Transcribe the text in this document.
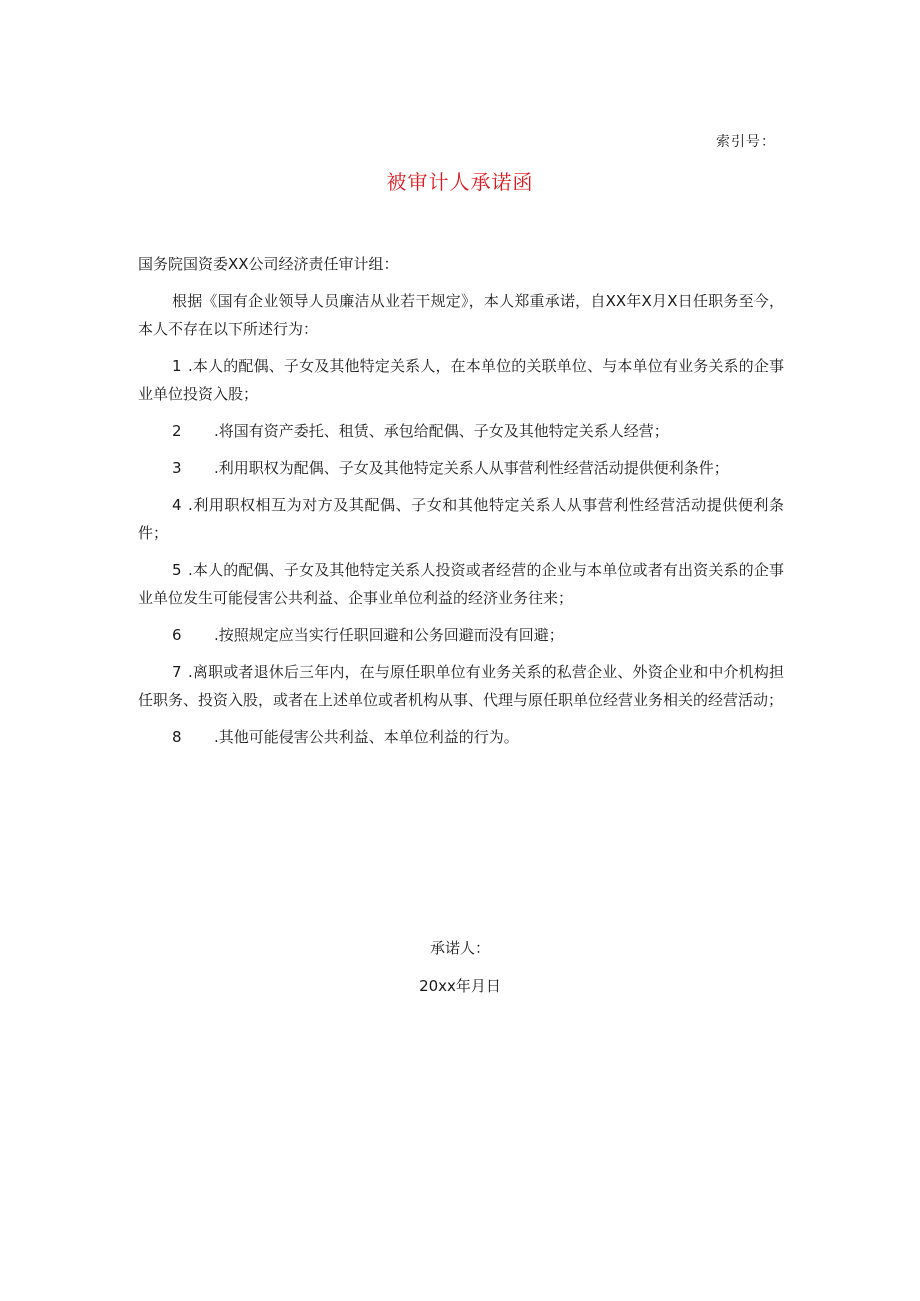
索引号：
被审计人承诺函

国务院国资委XX公司经济责任审计组：

根据《国有企业领导人员廉洁从业若干规定》，本人郑重承诺，自XX年X月X日任职务至今，本人不存在以下所述行为：

1 .本人的配偶、子女及其他特定关系人，在本单位的关联单位、与本单位有业务关系的企事业单位投资入股；

2 .将国有资产委托、租赁、承包给配偶、子女及其他特定关系人经营；

3 .利用职权为配偶、子女及其他特定关系人从事营利性经营活动提供便利条件；

4 .利用职权相互为对方及其配偶、子女和其他特定关系人从事营利性经营活动提供便利条件；

5 .本人的配偶、子女及其他特定关系人投资或者经营的企业与本单位或者有出资关系的企事业单位发生可能侵害公共利益、企事业单位利益的经济业务往来；

6 .按照规定应当实行任职回避和公务回避而没有回避；

7 .离职或者退休后三年内，在与原任职单位有业务关系的私营企业、外资企业和中介机构担任职务、投资入股，或者在上述单位或者机构从事、代理与原任职单位经营业务相关的经营活动；

8 .其他可能侵害公共利益、本单位利益的行为。

承诺人：
20xx年月日
